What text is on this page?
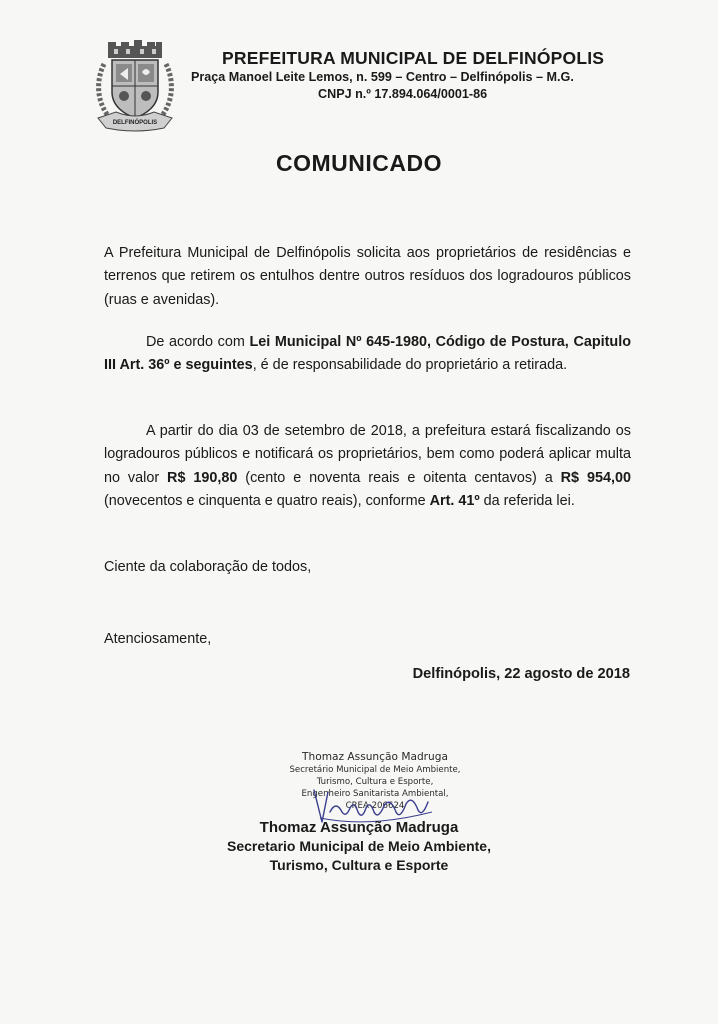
DELFINÓPOLIS
PREFEITURA MUNICIPAL DE DELFINÓPOLIS
Praça Manoel Leite Lemos, n. 599 – Centro – Delfinópolis – M.G.
CNPJ n.º 17.894.064/0001-86
COMUNICADO
A Prefeitura Municipal de Delfinópolis solicita aos proprietários de residências e terrenos que retirem os entulhos dentre outros resíduos dos logradouros públicos (ruas e avenidas).
De acordo com Lei Municipal Nº 645-1980, Código de Postura, Capitulo III Art. 36º e seguintes, é de responsabilidade do proprietário a retirada.
A partir do dia 03 de setembro de 2018, a prefeitura estará fiscalizando os logradouros públicos e notificará os proprietários, bem como poderá aplicar multa no valor R$ 190,80 (cento e noventa reais e oitenta centavos) a R$ 954,00 (novecentos e cinquenta e quatro reais), conforme Art. 41º da referida lei.
Ciente da colaboração de todos,
Atenciosamente,
Delfinópolis, 22 agosto de 2018
Thomaz Assunção Madruga
Secretário Municipal de Meio Ambiente,
Turismo, Cultura e Esporte,
Engenheiro Sanitarista Ambiental,
CREA 206624
Thomaz Assunção Madruga
Secretario Municipal de Meio Ambiente,
Turismo, Cultura e Esporte
